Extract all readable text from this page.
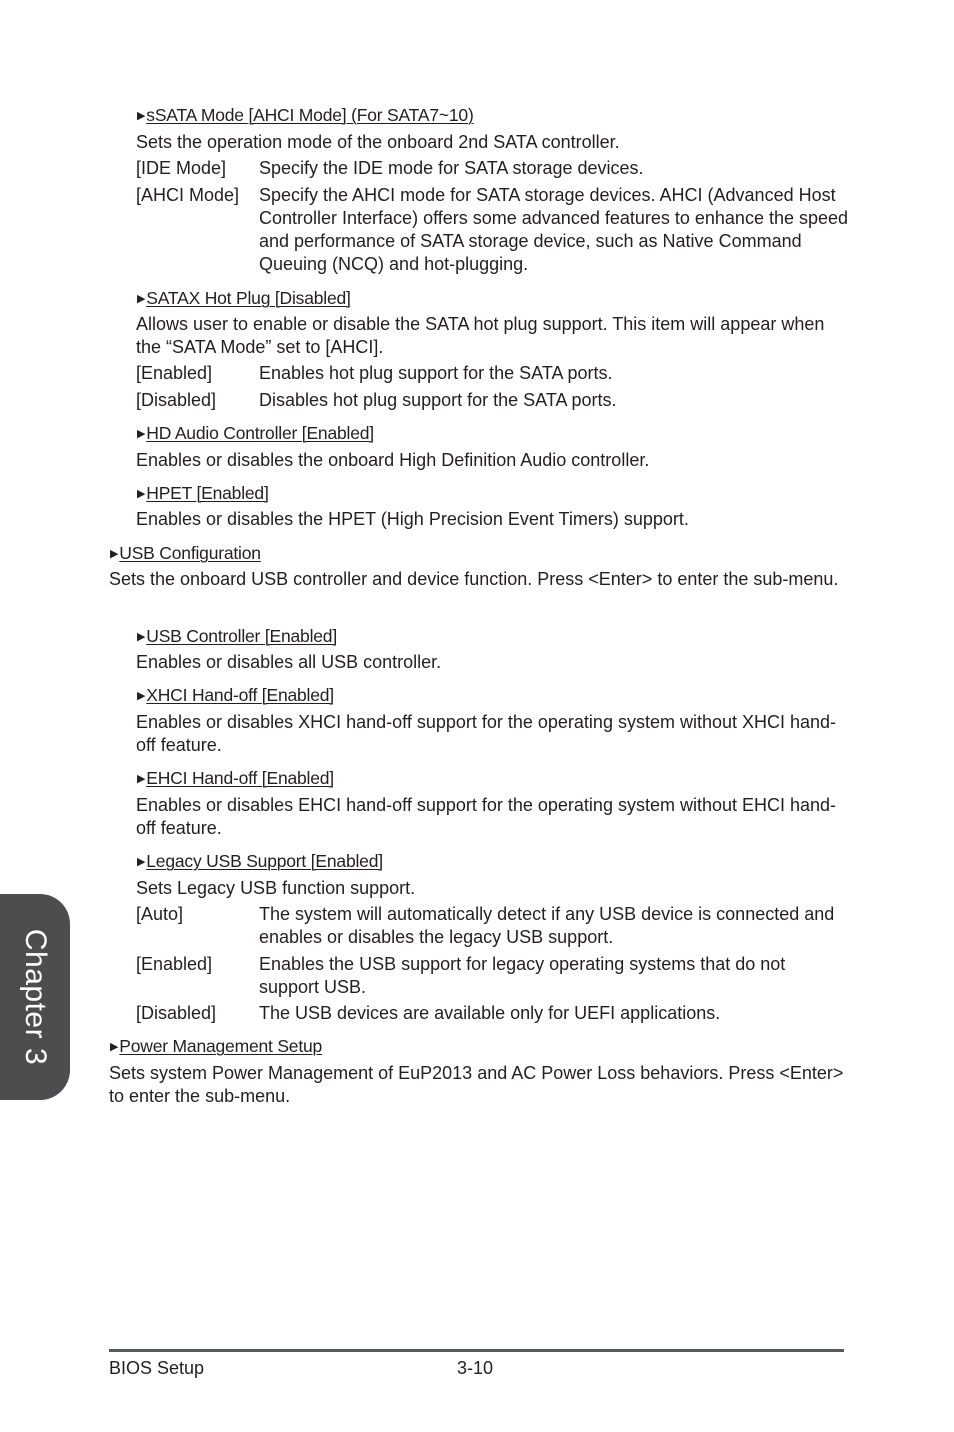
▶sSATA Mode [AHCI Mode] (For SATA7~10)
Sets the operation mode of the onboard 2nd SATA controller.
[IDE Mode] Specify the IDE mode for SATA storage devices.
[AHCI Mode] Specify the AHCI mode for SATA storage devices. AHCI (Advanced Host Controller Interface) offers some advanced features to enhance the speed and performance of SATA storage device, such as Native Command Queuing (NCQ) and hot-plugging.
▶SATAX Hot Plug [Disabled]
Allows user to enable or disable the SATA hot plug support. This item will appear when the “SATA Mode” set to [AHCI].
[Enabled]	Enables hot plug support for the SATA ports.
[Disabled] Disables hot plug support for the SATA ports.
▶HD Audio Controller [Enabled]
Enables or disables the onboard High Definition Audio controller.
▶HPET [Enabled]
Enables or disables the HPET (High Precision Event Timers) support.
▶USB Configuration
Sets the onboard USB controller and device function. Press <Enter> to enter the sub-menu.
▶USB Controller [Enabled]
Enables or disables all USB controller.
▶XHCI Hand-off [Enabled]
Enables or disables XHCI hand-off support for the operating system without XHCI hand-off feature.
▶EHCI Hand-off [Enabled]
Enables or disables EHCI hand-off support for the operating system without EHCI hand-off feature.
▶Legacy USB Support [Enabled]
Sets Legacy USB function support.
[Auto]	The system will automatically detect if any USB device is connected and enables or disables the legacy USB support.
[Enabled]	Enables the USB support for legacy operating systems that do not support USB.
[Disabled] The USB devices are available only for UEFI applications.
▶Power Management Setup
Sets system Power Management of EuP2013 and AC Power Loss behaviors. Press <Enter> to enter the sub-menu.
Chapter 3
BIOS Setup	3-10
